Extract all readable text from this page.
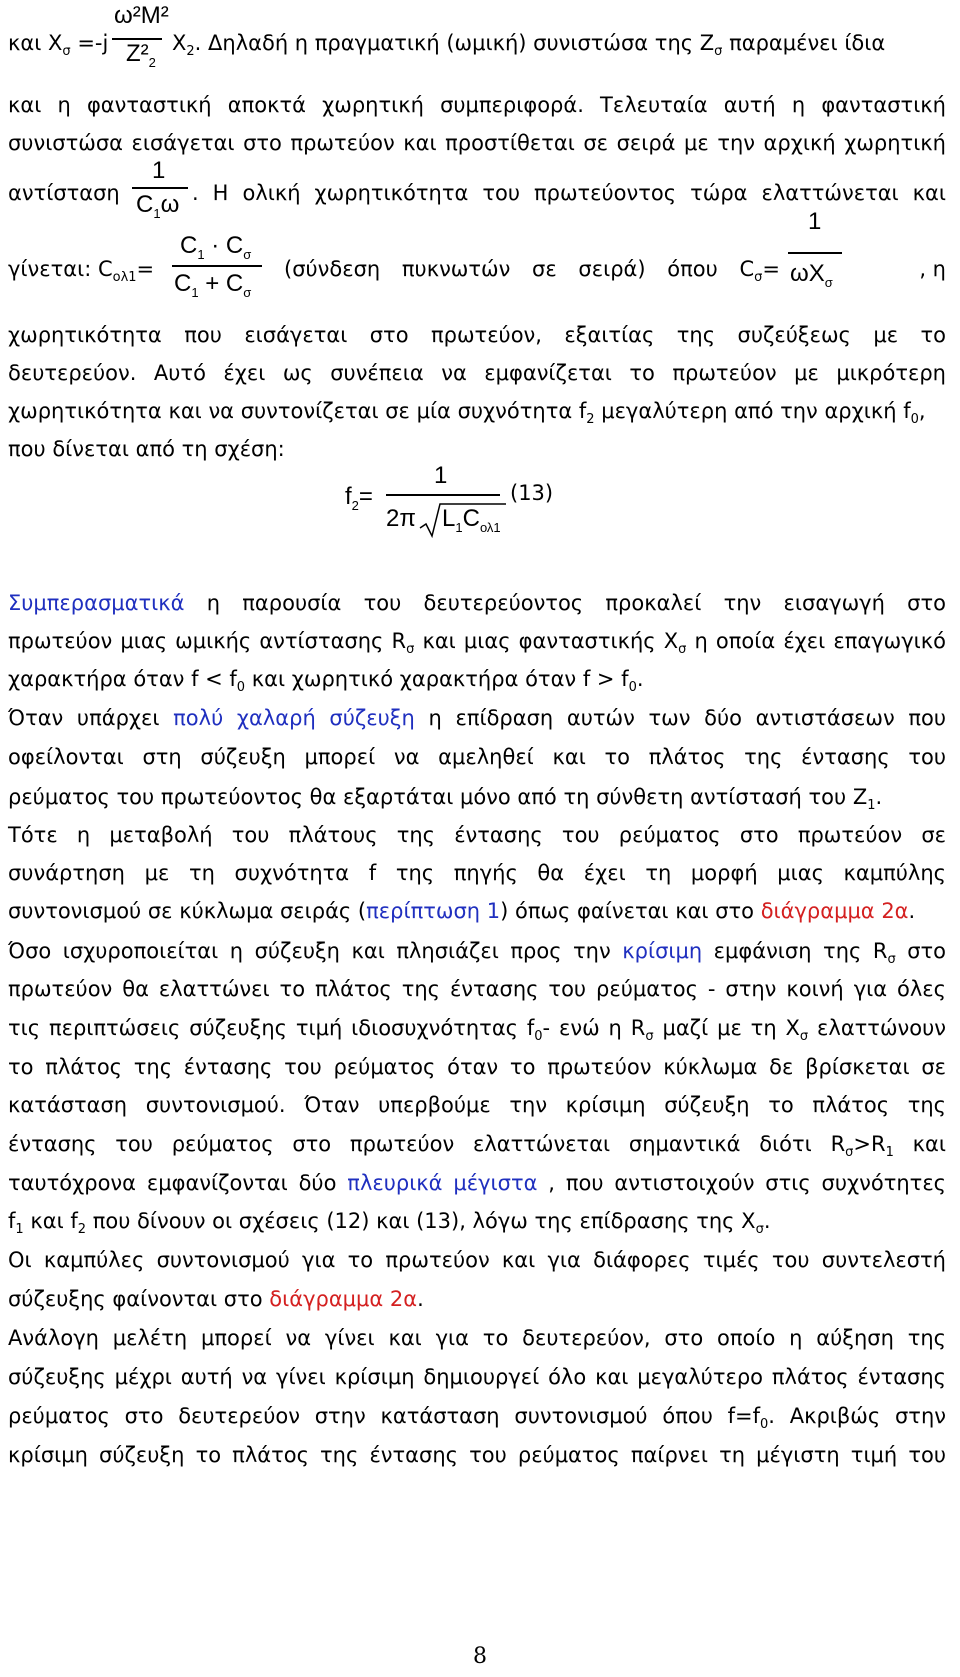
και $X_\sigma =-j$
ω²M²
$Z^2_2$
$X_2$. Δηλαδή η πραγματική (ωμική) συνιστώσα της $Z_\sigma$ παραμένει ίδια
και η φανταστική αποκτά χωρητική συμπεριφορά. Τελευταία αυτή η φανταστική
συνιστώσα εισάγεται στο πρωτεύον και προστίθεται σε σειρά με την αρχική χωρητική
αντίσταση
1
$C_1\omega$ . Η ολική χωρητικότητα του πρωτεύοντος τώρα ελαττώνεται και
γίνεται: $C_{o\lambda 1}=$
$C_1 \cdot C_\sigma$
$C_1 + C_\sigma$
(σύνδεση πυκνωτών σε σειρά) όπου $C_\sigma=$
1
$\omega X_\sigma$
, η
χωρητικότητα που εισάγεται στο πρωτεύον, εξαιτίας της συζεύξεως με το
δευτερεύον. Αυτό έχει ως συνέπεια να εμφανίζεται το πρωτεύον με μικρότερη
χωρητικότητα και να συντονίζεται σε μία συχνότητα $f_2$ μεγαλύτερη από την αρχική $f_0$,
που δίνεται από τη σχέση:
$f_2=$
1
2π $L_1C_{o\lambda 1}$
(13)
Συμπερασματικά η παρουσία του δευτερεύοντος προκαλεί την εισαγωγή στο
πρωτεύον μιας ωμικής αντίστασης $R_\sigma$ και μιας φανταστικής $X_\sigma$ η οποία έχει επαγωγικό
χαρακτήρα όταν $f < f_0$ και χωρητικό χαρακτήρα όταν $f > f_0$.
Όταν υπάρχει πολύ χαλαρή σύζευξη η επίδραση αυτών των δύο αντιστάσεων που
οφείλονται στη σύζευξη μπορεί να αμεληθεί και το πλάτος της έντασης του
ρεύματος του πρωτεύοντος θα εξαρτάται μόνο από τη σύνθετη αντίστασή του $Z_1$.
Τότε η μεταβολή του πλάτους της έντασης του ρεύματος στο πρωτεύον σε
συνάρτηση με τη συχνότητα f της πηγής θα έχει τη μορφή μιας καμπύλης
συντονισμού σε κύκλωμα σειράς (περίπτωση 1) όπως φαίνεται και στο διάγραμμα 2α.
Όσο ισχυροποιείται η σύζευξη και πλησιάζει προς την κρίσιμη εμφάνιση της $R_\sigma$ στο
πρωτεύον θα ελαττώνει το πλάτος της έντασης του ρεύματος - στην κοινή για όλες
τις περιπτώσεις σύζευξης τιμή ιδιοσυχνότητας $f_0-$ ενώ η $R_\sigma$ μαζί με τη $X_\sigma$ ελαττώνουν
το πλάτος της έντασης του ρεύματος όταν το πρωτεύον κύκλωμα δε βρίσκεται σε
κατάσταση συντονισμού. Όταν υπερβούμε την κρίσιμη σύζευξη το πλάτος της
έντασης του ρεύματος στο πρωτεύον ελαττώνεται σημαντικά διότι $R_\sigma>R_1$ και
ταυτόχρονα εμφανίζονται δύο πλευρικά μέγιστα , που αντιστοιχούν στις συχνότητες
$f_1$ και $f_2$ που δίνουν οι σχέσεις (12) και (13), λόγω της επίδρασης της $X_\sigma$.
Οι καμπύλες συντονισμού για το πρωτεύον και για διάφορες τιμές του συντελεστή
σύζευξης φαίνονται στο διάγραμμα 2α.
Ανάλογη μελέτη μπορεί να γίνει και για το δευτερεύον, στο οποίο η αύξηση της
σύζευξης μέχρι αυτή να γίνει κρίσιμη δημιουργεί όλο και μεγαλύτερο πλάτος έντασης
ρεύματος στο δευτερεύον στην κατάσταση συντονισμού όπου $f=f_0$. Ακριβώς στην
κρίσιμη σύζευξη το πλάτος της έντασης του ρεύματος παίρνει τη μέγιστη τιμή του
8
